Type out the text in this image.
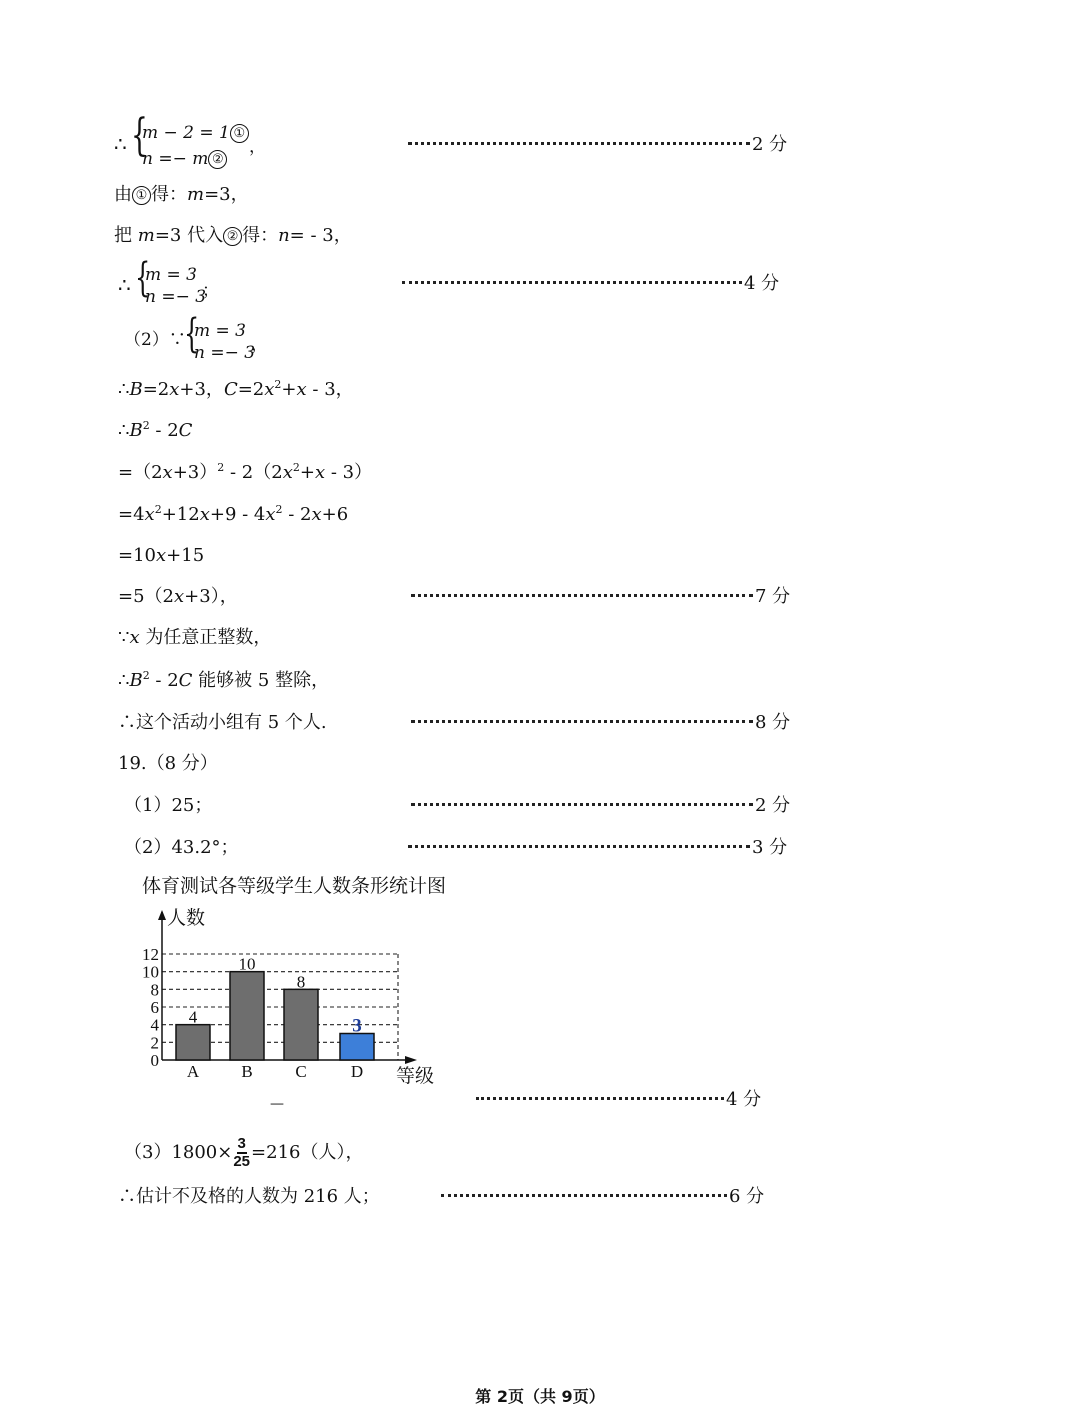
∴ {
m − 2 = 1 ①
n =− m ②
，	2 分
由 ① 得：m=3，
把 m=3 代入 ② 得：n= - 3，
∴ {
m = 3
n =− 3
；	4 分
（2）∵
{
m = 3
n =− 3
，
∴B=2x+3，$C=2x^2+x - 3$，
$\therefore B^2 - 2C$
$=(2x+3)^2 - 2(2x^2+x - 3)$
$=4x^2+12x+9 - 4x^2 - 2x+6$
=10x+15
=5（2x+3），	7 分
∵x 为任意正整数，
$\therefore B^2 - 2C$ 能够被 5 整除，
∴这个活动小组有 5 个人.	8 分
19.（8 分）
（1）25；	2 分
（2）43.2°；	3 分
体育测试各等级学生人数条形统计图
人数
等级
0
2
4
6
8
10
12
4
A
10
B
8
C
3
D
—	4 分
$(3)1800\times \frac{3}{25} =216$（人），
∴估计不及格的人数为 216 人；	6 分
第 2页（共 9页）
